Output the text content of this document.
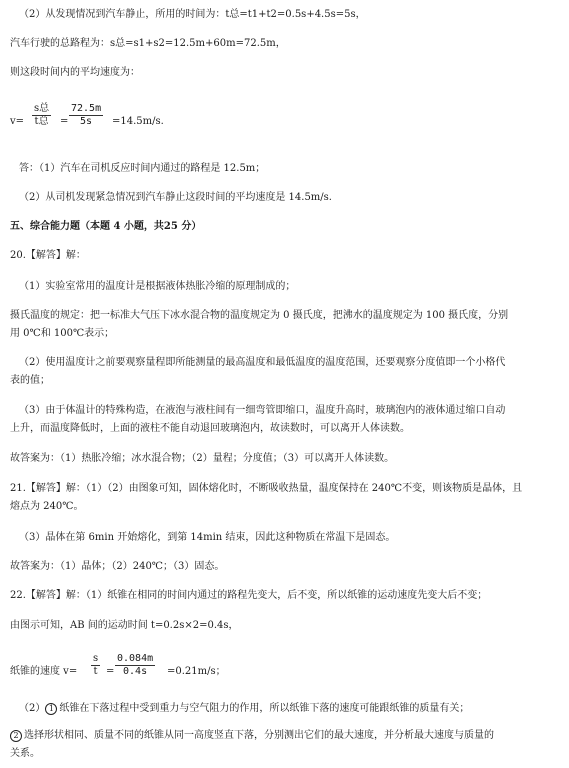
（2）从发现情况到汽车静止，所用的时间为：t总=t1+t2=0.5s+4.5s=5s，
汽车行驶的总路程为：s总=s1+s2=12.5m+60m=72.5m，
则这段时间内的平均速度为：
v=
s总
t总 = $\frac{72.5m}{5s} =14.5m/s$.
答：（1）汽车在司机反应时间内通过的路程是 12.5m；
（2）从司机发现紧急情况到汽车静止这段时间的平均速度是 14.5m/s.
五、综合能力题（本题 4 小题，共25 分）
20.【解答】解：
（1）实验室常用的温度计是根据液体热胀冷缩的原理制成的；
摄氏温度的规定：把一标准大气压下冰水混合物的温度规定为 0 摄氏度，把沸水的温度规定为 100 摄氏度，分别
用 0℃和 100℃表示；
（2）使用温度计之前要观察量程即所能测量的最高温度和最低温度的温度范围，还要观察分度值即一个小格代
表的值；
（3）由于体温计的特殊构造，在液泡与液柱间有一细弯管即缩口，温度升高时，玻璃泡内的液体通过缩口自动
上升，而温度降低时，上面的液柱不能自动退回玻璃泡内，故读数时，可以离开人体读数。
故答案为：（1）热胀冷缩；冰水混合物；（2）量程；分度值；（3）可以离开人体读数。
21.【解答】解：（1）（2）由图象可知，固体熔化时，不断吸收热量，温度保持在 240℃不变，则该物质是晶体，且
熔点为 240℃。
（3）晶体在第 6min 开始熔化，到第 14min 结束，因此这种物质在常温下是固态。
故答案为：（1）晶体；（2）240℃；（3）固态。
22.【解答】解：（1）纸锥在相同的时间内通过的路程先变大，后不变，所以纸锥的运动速度先变大后不变；
由图示可知，AB 间的运动时间 t=0.2s×2=0.4s，
纸锥的速度 $v= \frac{s}{t} = \frac{0.084m}{0.4s} =0.21m/s$；
（2） 1 纸锥在下落过程中受到重力与空气阻力的作用，所以纸锥下落的速度可能跟纸锥的质量有关；
2 选择形状相同、质量不同的纸锥从同一高度竖直下落，分别测出它们的最大速度，并分析最大速度与质量的
关系。
